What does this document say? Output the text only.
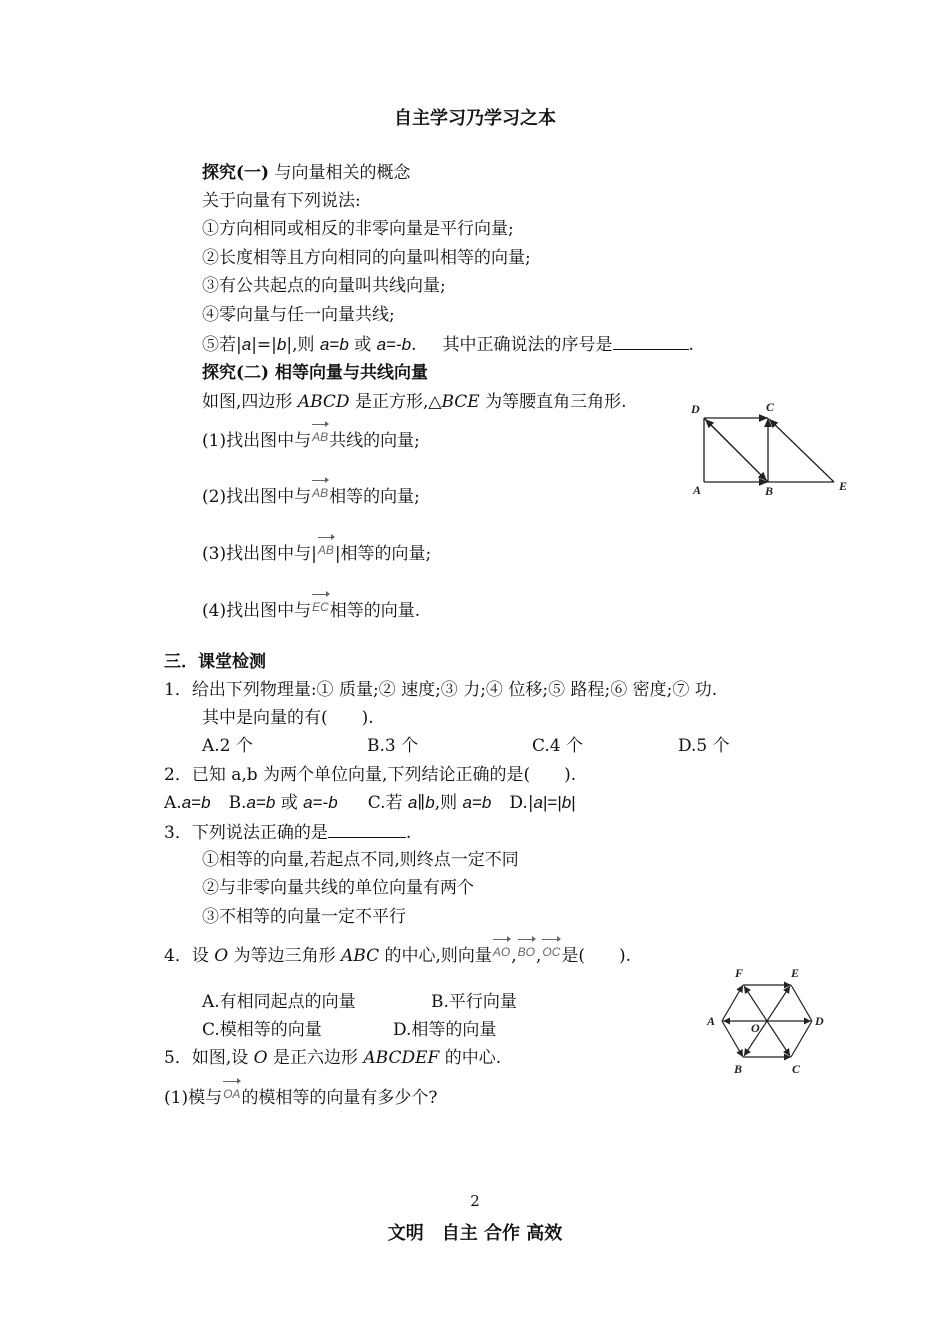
自主学习乃学习之本
探究(一) 与向量相关的概念
关于向量有下列说法:
①方向相同或相反的非零向量是平行向量;
②长度相等且方向相同的向量叫相等的向量;
③有公共起点的向量叫共线向量;
④零向量与任一向量共线;
⑤若|a|=|b|,则 a=b 或 a=-b. 其中正确说法的序号是	.
探究(二) 相等向量与共线向量
如图,四边形 ABCD 是正方形,△BCE 为等腰直角三角形.
(1)找出图中与AB共线的向量;
(2)找出图中与AB相等的向量;
(3)找出图中与|AB|相等的向量;
(4)找出图中与EC相等的向量.
D	C
A	B	E
三．课堂检测
1．给出下列物理量:① 质量;② 速度;③ 力;④ 位移;⑤ 路程;⑥ 密度;⑦ 功.
其中是向量的有(　　).
A.2 个	B.3 个	C.4 个	D.5 个
2．已知 a,b 为两个单位向量,下列结论正确的是(　　).
A.a=b B.a=b 或 a=-b C.若 a∥b,则 a=b D.|a|=|b|
3．下列说法正确的是	.
①相等的向量,若起点不同,则终点一定不同
②与非零向量共线的单位向量有两个
③不相等的向量一定不平行
4．设 O 为等边三角形 ABC 的中心,则向量AO,BO,OC是(　　).
A.有相同起点的向量	B.平行向量
C.模相等的向量	D.相等的向量
5．如图,设 O 是正六边形 ABCDEF 的中心.
(1)模与OA的模相等的向量有多少个?
F	E
A	D
O
B	C
2
文明　自主 合作 高效
